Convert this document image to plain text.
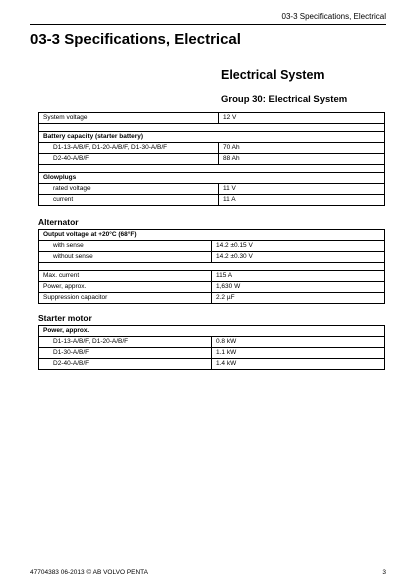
03-3 Specifications, Electrical
03-3 Specifications, Electrical
Electrical System
Group 30: Electrical System
System voltage	12 V

Battery capacity (starter battery)	
D1-13-A/B/F, D1-20-A/B/F, D1-30-A/B/F	70 Ah
D2-40-A/B/F	88 Ah

Glowplugs	
rated voltage	11 V
current	11 A
Alternator
Output voltage at +20°C (68°F)	
with sense	14.2 ±0.15 V
without sense	14.2 ±0.30 V

Max. current	115 A
Power, approx.	1,630 W
Suppression capacitor	2.2 µF
Starter motor
Power, approx.	
D1-13-A/B/F, D1-20-A/B/F	0.8 kW
D1-30-A/B/F	1.1 kW
D2-40-A/B/F	1.4 kW
47704383 06-2013 © AB VOLVO PENTA	3
